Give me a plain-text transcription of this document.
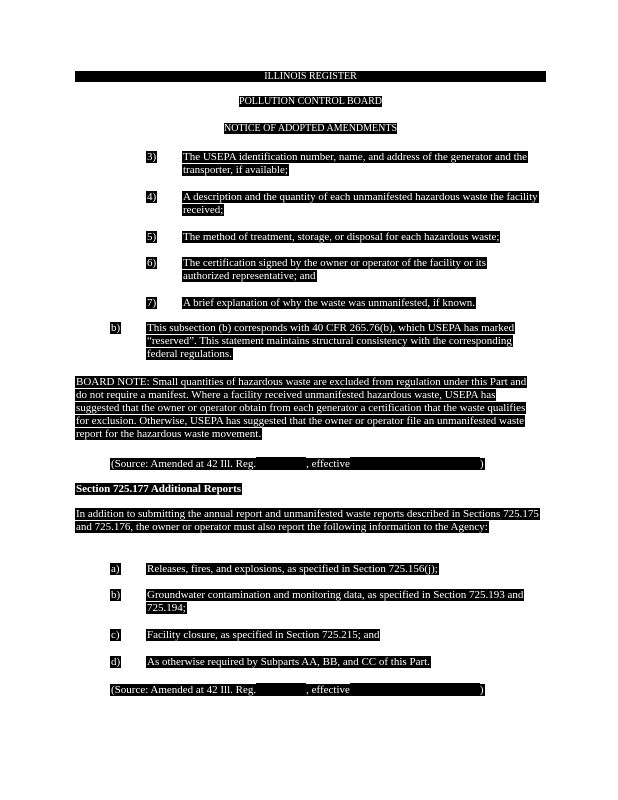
ILLINOIS REGISTER
POLLUTION CONTROL BOARD
NOTICE OF ADOPTED AMENDMENTS
3) The USEPA identification number, name, and address of the generator and the transporter, if available;
4) A description and the quantity of each unmanifested hazardous waste the facility received;
5) The method of treatment, storage, or disposal for each hazardous waste;
6) The certification signed by the owner or operator of the facility or its authorized representative; and
7) A brief explanation of why the waste was unmanifested, if known.
b) This subsection (b) corresponds with 40 CFR 265.76(b), which USEPA has marked “reserved”. This statement maintains structural consistency with the corresponding federal regulations.
BOARD NOTE: Small quantities of hazardous waste are excluded from regulation under this Part and do not require a manifest. Where a facility received unmanifested hazardous waste, USEPA has suggested that the owner or operator obtain from each generator a certification that the waste qualifies for exclusion. Otherwise, USEPA has suggested that the owner or operator file an unmanifested waste report for the hazardous waste movement.
(Source: Amended at 42 Ill. Reg.	, effective	)
Section 725.177 Additional Reports
In addition to submitting the annual report and unmanifested waste reports described in Sections 725.175 and 725.176, the owner or operator must also report the following information to the Agency:
a) Releases, fires, and explosions, as specified in Section 725.156(j);
b) Groundwater contamination and monitoring data, as specified in Section 725.193 and 725.194;
c) Facility closure, as specified in Section 725.215; and
d) As otherwise required by Subparts AA, BB, and CC of this Part.
(Source: Amended at 42 Ill. Reg.	, effective	)
